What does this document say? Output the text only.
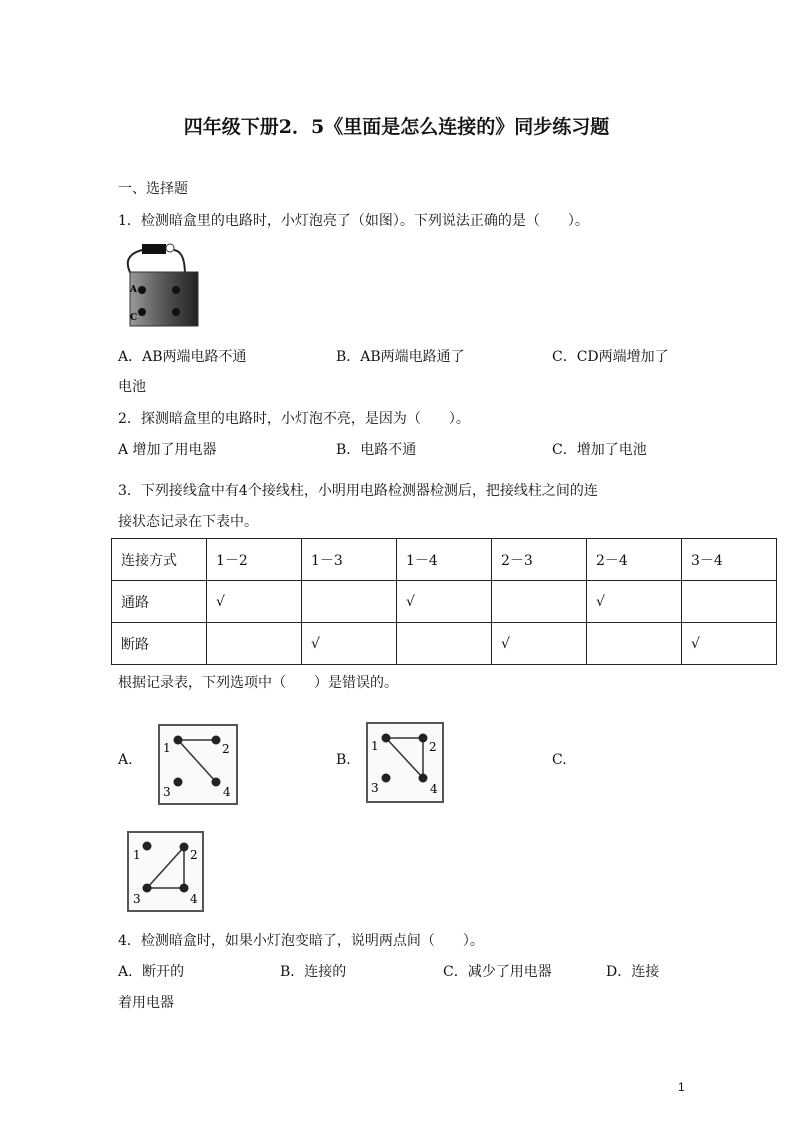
四年级下册2．5《里面是怎么连接的》同步练习题
一、选择题
1．检测暗盒里的电路时，小灯泡亮了（如图）。下列说法正确的是（　　）。
A
C
A．AB两端电路不通	B．AB两端电路通了	C．CD两端增加了
电池
2．探测暗盒里的电路时，小灯泡不亮，是因为（　　）。
A 增加了用电器	B．电路不通	C．增加了电池
3．下列接线盒中有4个接线柱，小明用电路检测器检测后，把接线柱之间的连
接状态记录在下表中。
连接方式	1－2	1－3	1－4	2－3	2－4	3－4
通路	√		√		√	
断路		√		√		√
根据记录表，下列选项中（　　）是错误的。
A.	B.	C.
1	2
3	4
1	2
3	4
1	2
3	4
4．检测暗盒时，如果小灯泡变暗了，说明两点间（　　）。
A．断开的	B．连接的	C．减少了用电器	D．连接
着用电器
1
